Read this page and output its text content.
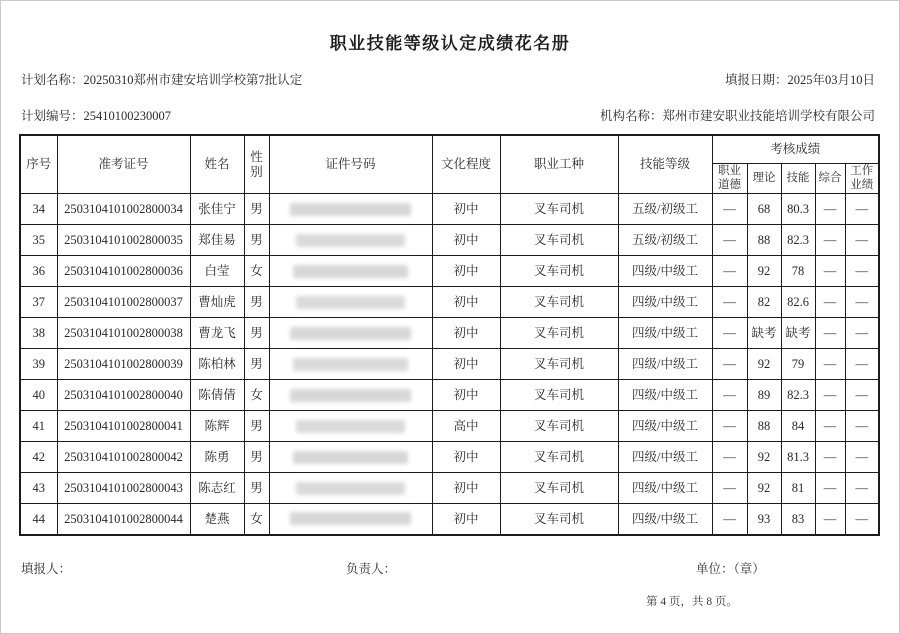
职业技能等级认定成绩花名册
计划名称：20250310郑州市建安培训学校第7批认定	填报日期：2025年03月10日
计划编号：25410100230007	机构名称：郑州市建安职业技能培训学校有限公司
序号	准考证号	姓名	性别	证件号码	文化程度	职业工种	技能等级	考核成绩				
								职业道德	理论	技能	综合	工作业绩
34	2503104101002800034	张佳宁	男		初中	叉车司机	五级/初级工	—	68	80.3	—	—
35	2503104101002800035	郑佳易	男		初中	叉车司机	五级/初级工	—	88	82.3	—	—
36	2503104101002800036	白莹	女		初中	叉车司机	四级/中级工	—	92	78	—	—
37	2503104101002800037	曹灿虎	男		初中	叉车司机	四级/中级工	—	82	82.6	—	—
38	2503104101002800038	曹龙飞	男		初中	叉车司机	四级/中级工	—	缺考	缺考	—	—
39	2503104101002800039	陈柏林	男		初中	叉车司机	四级/中级工	—	92	79	—	—
40	2503104101002800040	陈倩倩	女		初中	叉车司机	四级/中级工	—	89	82.3	—	—
41	2503104101002800041	陈辉	男		高中	叉车司机	四级/中级工	—	88	84	—	—
42	2503104101002800042	陈勇	男		初中	叉车司机	四级/中级工	—	92	81.3	—	—
43	2503104101002800043	陈志红	男		初中	叉车司机	四级/中级工	—	92	81	—	—
44	2503104101002800044	楚燕	女		初中	叉车司机	四级/中级工	—	93	83	—	—
填报人：	负责人：	单位：（章）
第 4 页，共 8 页。
